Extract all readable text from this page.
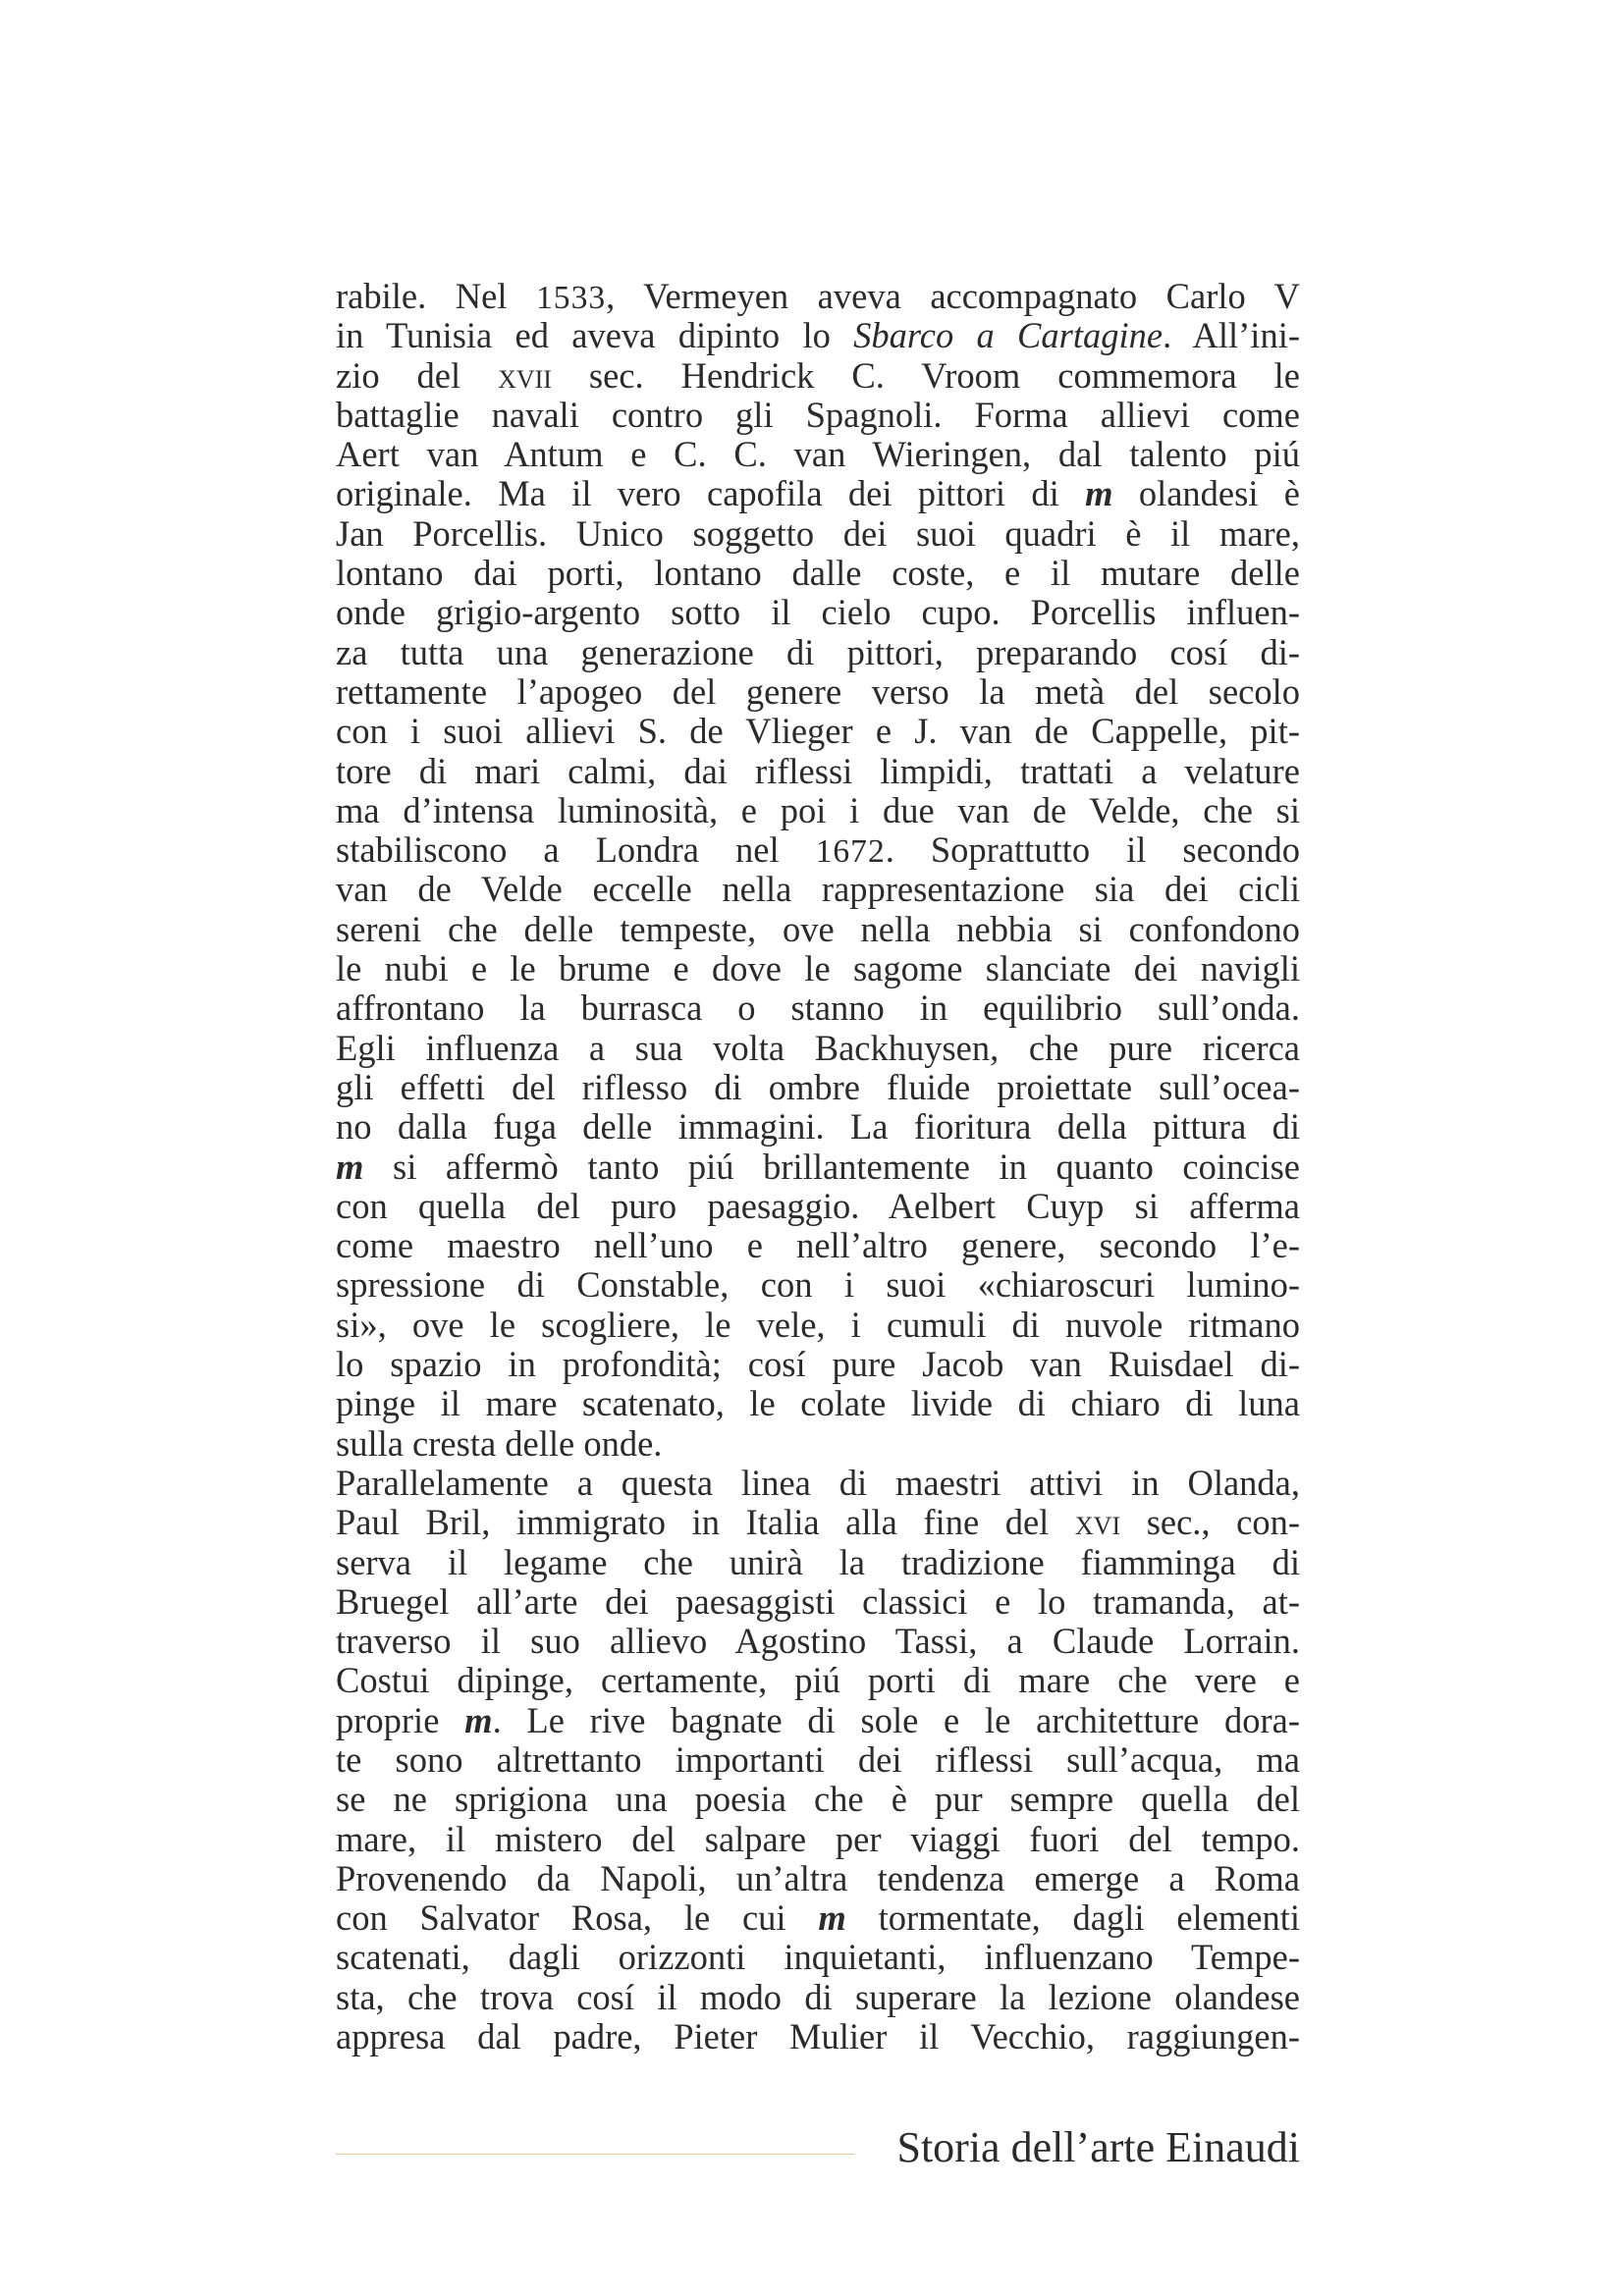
rabile. Nel 1533, Vermeyen aveva accompagnato Carlo V
in Tunisia ed aveva dipinto lo Sbarco a Cartagine. All’ini-
zio del xvii sec. Hendrick C. Vroom commemora le
battaglie navali contro gli Spagnoli. Forma allievi come
Aert van Antum e C. C. van Wieringen, dal talento piú
originale. Ma il vero capofila dei pittori di m olandesi è
Jan Porcellis. Unico soggetto dei suoi quadri è il mare,
lontano dai porti, lontano dalle coste, e il mutare delle
onde grigio-argento sotto il cielo cupo. Porcellis influen-
za tutta una generazione di pittori, preparando cosí di-
rettamente l’apogeo del genere verso la metà del secolo
con i suoi allievi S. de Vlieger e J. van de Cappelle, pit-
tore di mari calmi, dai riflessi limpidi, trattati a velature
ma d’intensa luminosità, e poi i due van de Velde, che si
stabiliscono a Londra nel 1672. Soprattutto il secondo
van de Velde eccelle nella rappresentazione sia dei cicli
sereni che delle tempeste, ove nella nebbia si confondono
le nubi e le brume e dove le sagome slanciate dei navigli
affrontano la burrasca o stanno in equilibrio sull’onda.
Egli influenza a sua volta Backhuysen, che pure ricerca
gli effetti del riflesso di ombre fluide proiettate sull’ocea-
no dalla fuga delle immagini. La fioritura della pittura di
m si affermò tanto piú brillantemente in quanto coincise
con quella del puro paesaggio. Aelbert Cuyp si afferma
come maestro nell’uno e nell’altro genere, secondo l’e-
spressione di Constable, con i suoi «chiaroscuri lumino-
si», ove le scogliere, le vele, i cumuli di nuvole ritmano
lo spazio in profondità; cosí pure Jacob van Ruisdael di-
pinge il mare scatenato, le colate livide di chiaro di luna
sulla cresta delle onde.
Parallelamente a questa linea di maestri attivi in Olanda,
Paul Bril, immigrato in Italia alla fine del xvi sec., con-
serva il legame che unirà la tradizione fiamminga di
Bruegel all’arte dei paesaggisti classici e lo tramanda, at-
traverso il suo allievo Agostino Tassi, a Claude Lorrain.
Costui dipinge, certamente, piú porti di mare che vere e
proprie m. Le rive bagnate di sole e le architetture dora-
te sono altrettanto importanti dei riflessi sull’acqua, ma
se ne sprigiona una poesia che è pur sempre quella del
mare, il mistero del salpare per viaggi fuori del tempo.
Provenendo da Napoli, un’altra tendenza emerge a Roma
con Salvator Rosa, le cui m tormentate, dagli elementi
scatenati, dagli orizzonti inquietanti, influenzano Tempe-
sta, che trova cosí il modo di superare la lezione olandese
appresa dal padre, Pieter Mulier il Vecchio, raggiungen-
Storia dell’arte Einaudi
